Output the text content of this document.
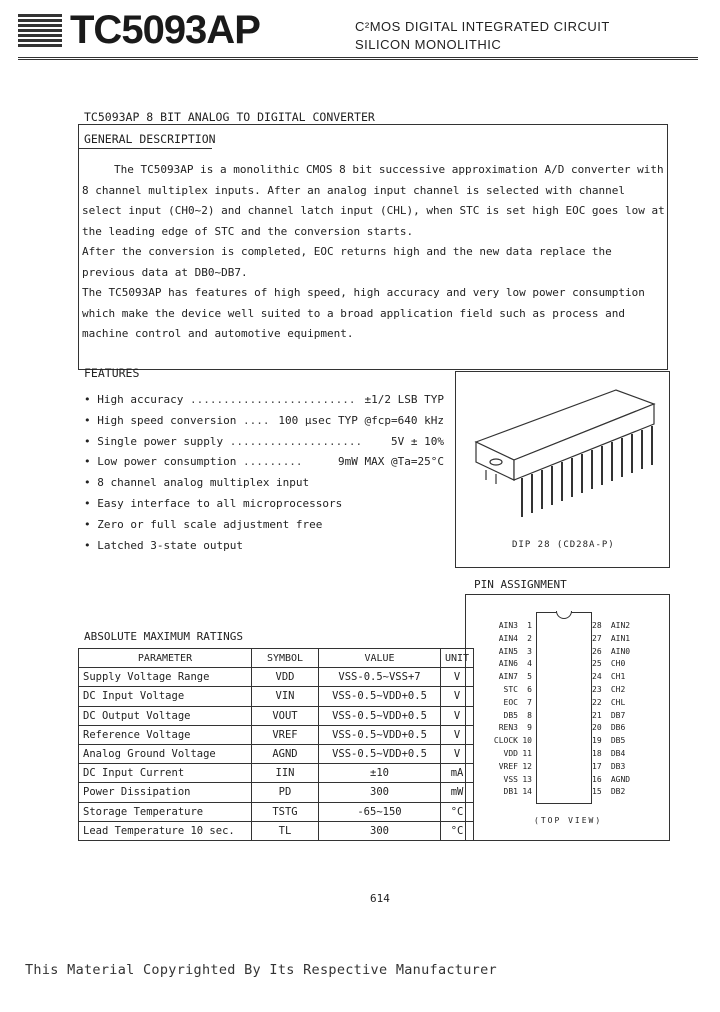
TC5093AP	C²MOS DIGITAL INTEGRATED CIRCUIT
SILICON MONOLITHIC
TC5093AP 8 BIT ANALOG TO DIGITAL CONVERTER
GENERAL DESCRIPTION

The TC5093AP is a monolithic CMOS 8 bit successive approximation A/D converter with 8 channel multiplex inputs. After an analog input channel is selected with channel select input (CH0~2) and channel latch input (CHL), when STC is set high EOC goes low at the leading edge of STC and the conversion starts.

After the conversion is completed, EOC returns high and the new data replace the previous data at DB0~DB7.

The TC5093AP has features of high speed, high accuracy and very low power consumption which make the device well suited to a broad application field such as process and machine control and automotive equipment.

FEATURES
• High accuracy ......................... ±1/2 LSB TYP
• High speed conversion .... 100 μsec TYP @fcp=640 kHz
• Single power supply ....................	5V ± 10%
• Low power consumption .........	9mW MAX @Ta=25°C
• 8 channel analog multiplex input
• Easy interface to all microprocessors
• Zero or full scale adjustment free
• Latched 3-state output	DIP 28 (CD28A-P)
PIN ASSIGNMENT
AIN3 1
AIN4 2
AIN5 3
AIN6 4
AIN7 5
STC 6
EOC 7
DB5 8
REN3 9
CLOCK 10
VDD 11
VREF 12
VSS 13
DB1 14
28 AIN2
27 AIN1
26 AIN0
25 CH0
24 CH1
23 CH2
22 CHL
21 DB7
20 DB6
19 DB5
18 DB4
17 DB3
16 AGND
15 DB2
(TOP VIEW)
ABSOLUTE MAXIMUM RATINGS
PARAMETER	SYMBOL	VALUE	UNIT
Supply Voltage Range	VDD	VSS-0.5~VSS+7	V
DC Input Voltage	VIN	VSS-0.5~VDD+0.5	V
DC Output Voltage	VOUT	VSS-0.5~VDD+0.5	V
Reference Voltage	VREF	VSS-0.5~VDD+0.5	V
Analog Ground Voltage	AGND	VSS-0.5~VDD+0.5	V
DC Input Current	IIN	±10	mA
Power Dissipation	PD	300	mW
Storage Temperature	TSTG	-65~150	°C
Lead Temperature 10 sec.	TL	300	°C
614
This Material Copyrighted By Its Respective Manufacturer
